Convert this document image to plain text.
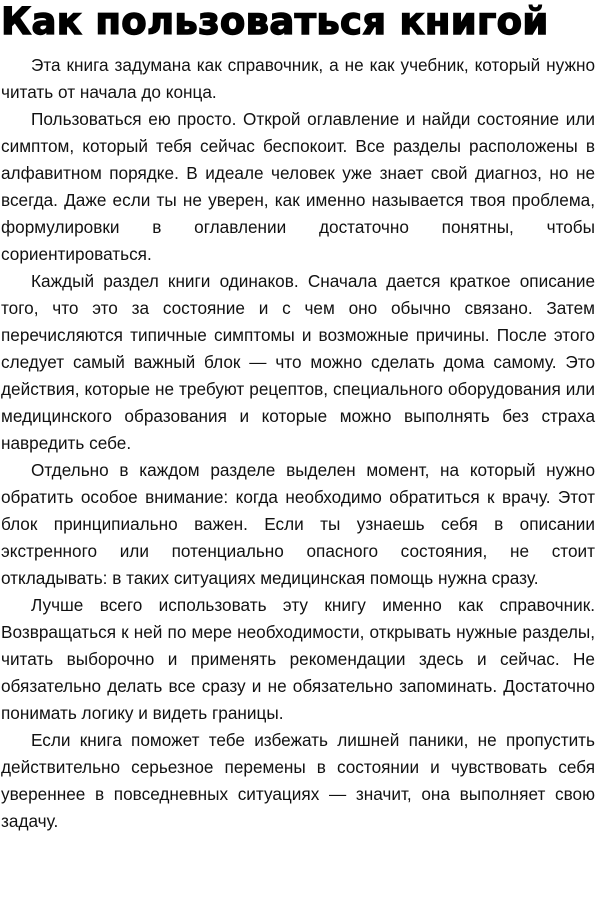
Как пользоваться книгой

Эта книга задумана как справочник, а не как учебник, который нужно читать от начала до конца.

Пользоваться ею просто. Открой оглавление и найди состояние или симптом, который тебя сейчас беспокоит. Все разделы расположены в алфавитном порядке. В идеале человек уже знает свой диагноз, но не всегда. Даже если ты не уверен, как именно называется твоя проблема, формулировки в оглавлении достаточно понятны, чтобы сориентироваться.

Каждый раздел книги одинаков. Сначала дается краткое описание того, что это за состояние и с чем оно обычно связано. Затем перечисляются типичные симптомы и возможные причины. После этого следует самый важный блок — что можно сделать дома самому. Это действия, которые не требуют рецептов, специального оборудования или медицинского образования и которые можно выполнять без страха навредить себе.

Отдельно в каждом разделе выделен момент, на который нужно обратить особое внимание: когда необходимо обратиться к врачу. Этот блок принципиально важен. Если ты узнаешь себя в описании экстренного или потенциально опасного состояния, не стоит откладывать: в таких ситуациях медицинская помощь нужна сразу.

Лучше всего использовать эту книгу именно как справочник. Возвращаться к ней по мере необходимости, открывать нужные разделы, читать выборочно и применять рекомендации здесь и сейчас. Не обязательно делать все сразу и не обязательно запоминать. Достаточно понимать логику и видеть границы.

Если книга поможет тебе избежать лишней паники, не пропустить действительно серьезное перемены в состоянии и чувствовать себя увереннее в повседневных ситуациях — значит, она выполняет свою задачу.
